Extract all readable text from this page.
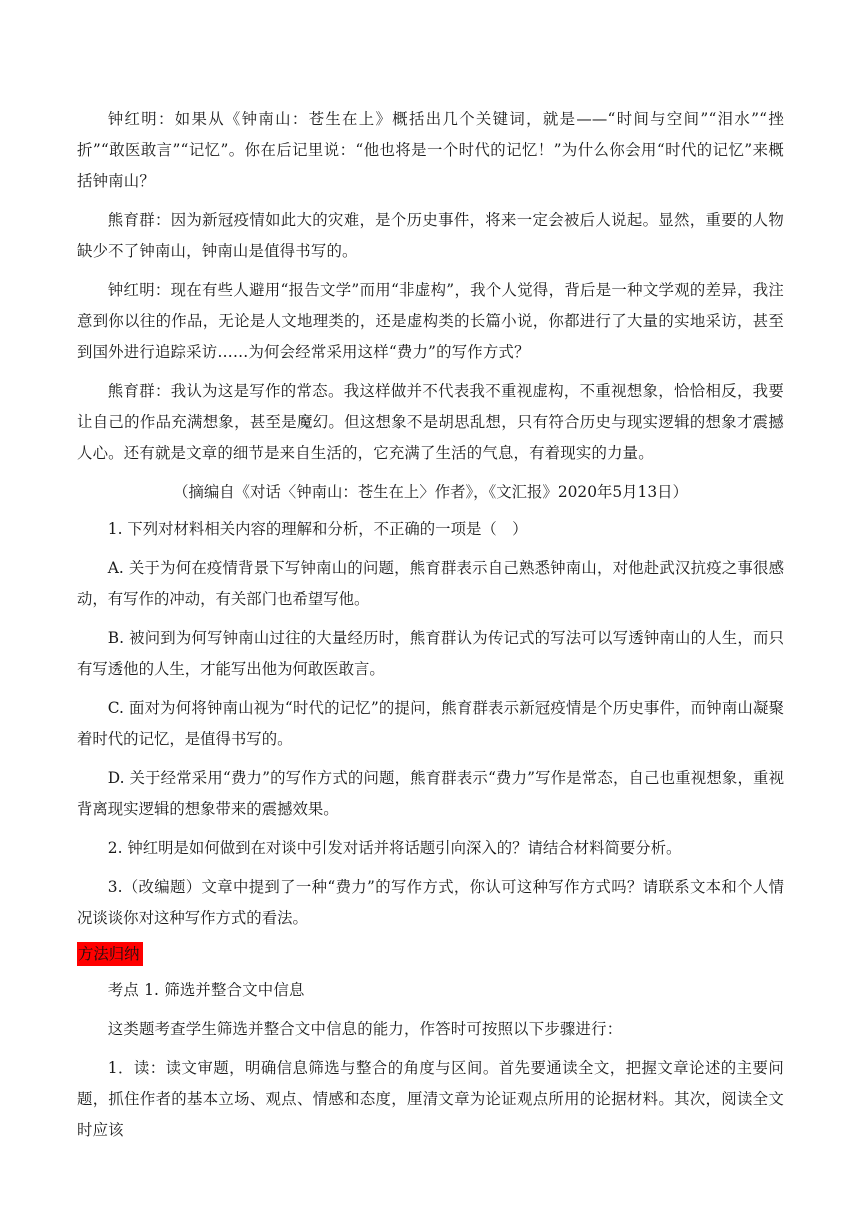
钟红明：如果从《钟南山：苍生在上》概括出几个关键词，就是——“时间与空间”“泪水”“挫折”“敢医敢言”“记忆”。你在后记里说：“他也将是一个时代的记忆！”为什么你会用“时代的记忆”来概括钟南山？

熊育群：因为新冠疫情如此大的灾难，是个历史事件，将来一定会被后人说起。显然，重要的人物缺少不了钟南山，钟南山是值得书写的。

钟红明：现在有些人避用“报告文学”而用“非虚构”，我个人觉得，背后是一种文学观的差异，我注意到你以往的作品，无论是人文地理类的，还是虚构类的长篇小说，你都进行了大量的实地采访，甚至到国外进行追踪采访……为何会经常采用这样“费力”的写作方式？

熊育群：我认为这是写作的常态。我这样做并不代表我不重视虚构，不重视想象，恰恰相反，我要让自己的作品充满想象，甚至是魔幻。但这想象不是胡思乱想，只有符合历史与现实逻辑的想象才震撼人心。还有就是文章的细节是来自生活的，它充满了生活的气息，有着现实的力量。

（摘编自《对话〈钟南山：苍生在上〉作者》，《文汇报》2020年5月13日）

1. 下列对材料相关内容的理解和分析，不正确的一项是（　）

A. 关于为何在疫情背景下写钟南山的问题，熊育群表示自己熟悉钟南山，对他赴武汉抗疫之事很感动，有写作的冲动，有关部门也希望写他。

B. 被问到为何写钟南山过往的大量经历时，熊育群认为传记式的写法可以写透钟南山的人生，而只有写透他的人生，才能写出他为何敢医敢言。

C. 面对为何将钟南山视为“时代的记忆”的提问，熊育群表示新冠疫情是个历史事件，而钟南山凝聚着时代的记忆，是值得书写的。

D. 关于经常采用“费力”的写作方式的问题，熊育群表示“费力”写作是常态，自己也重视想象，重视背离现实逻辑的想象带来的震撼效果。

2. 钟红明是如何做到在对谈中引发对话并将话题引向深入的？请结合材料简要分析。

3.（改编题）文章中提到了一种“费力”的写作方式，你认可这种写作方式吗？请联系文本和个人情况谈谈你对这种写作方式的看法。

方法归纳

考点 1. 筛选并整合文中信息

这类题考查学生筛选并整合文中信息的能力，作答时可按照以下步骤进行：

1．读：读文审题，明确信息筛选与整合的角度与区间。首先要通读全文，把握文章论述的主要问题，抓住作者的基本立场、观点、情感和态度，厘清文章为论证观点所用的论据材料。其次，阅读全文时应该
